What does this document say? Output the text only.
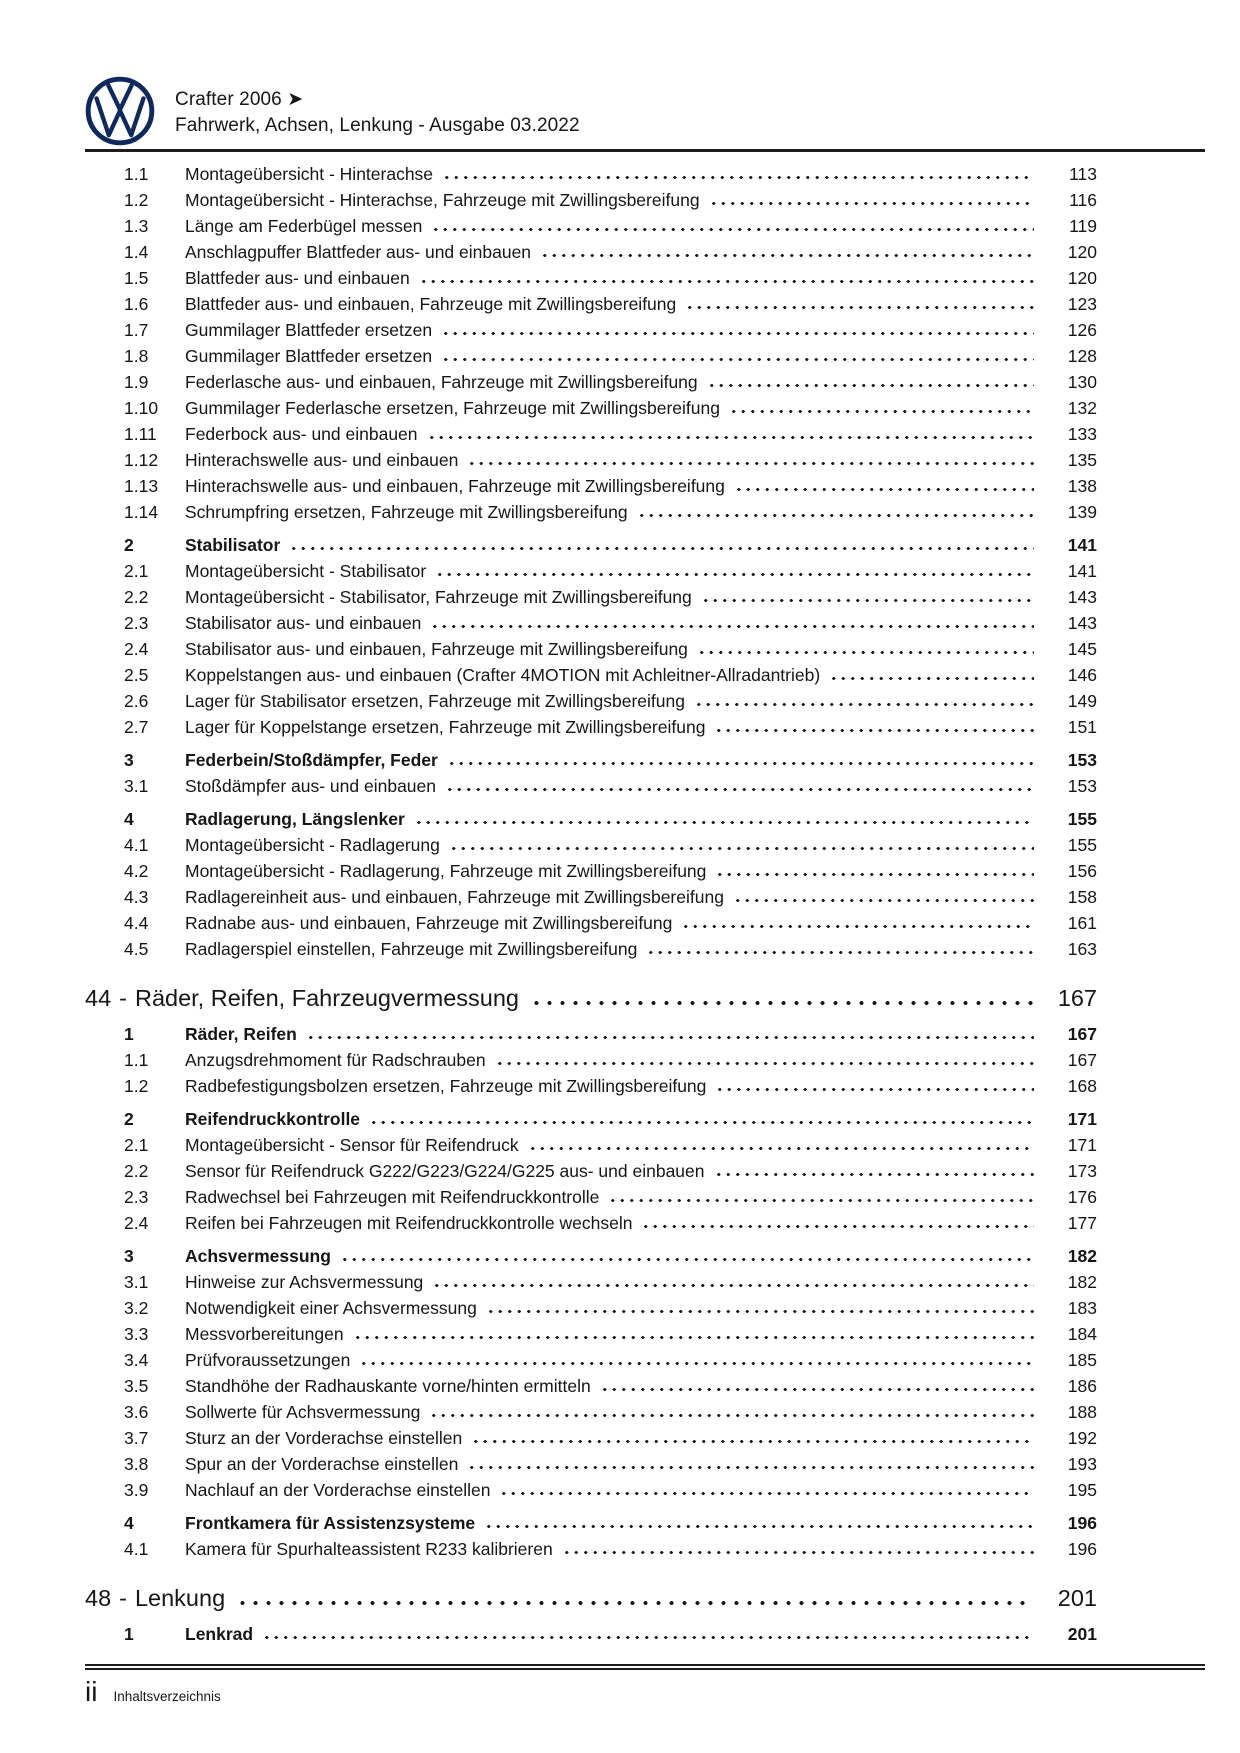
Crafter 2006 ➤
Fahrwerk, Achsen, Lenkung - Ausgabe 03.2022
1.1	Montageübersicht - Hinterachse	113
1.2	Montageübersicht - Hinterachse, Fahrzeuge mit Zwillingsbereifung	116
1.3	Länge am Federbügel messen	119
1.4	Anschlagpuffer Blattfeder aus- und einbauen	120
1.5	Blattfeder aus- und einbauen	120
1.6	Blattfeder aus- und einbauen, Fahrzeuge mit Zwillingsbereifung	123
1.7	Gummilager Blattfeder ersetzen	126
1.8	Gummilager Blattfeder ersetzen	128
1.9	Federlasche aus- und einbauen, Fahrzeuge mit Zwillingsbereifung	130
1.10	Gummilager Federlasche ersetzen, Fahrzeuge mit Zwillingsbereifung	132
1.11	Federbock aus- und einbauen	133
1.12	Hinterachswelle aus- und einbauen	135
1.13	Hinterachswelle aus- und einbauen, Fahrzeuge mit Zwillingsbereifung	138
1.14	Schrumpfring ersetzen, Fahrzeuge mit Zwillingsbereifung	139
2	Stabilisator	141
2.1	Montageübersicht - Stabilisator	141
2.2	Montageübersicht - Stabilisator, Fahrzeuge mit Zwillingsbereifung	143
2.3	Stabilisator aus- und einbauen	143
2.4	Stabilisator aus- und einbauen, Fahrzeuge mit Zwillingsbereifung	145
2.5	Koppelstangen aus- und einbauen (Crafter 4MOTION mit Achleitner-Allradantrieb)	146
2.6	Lager für Stabilisator ersetzen, Fahrzeuge mit Zwillingsbereifung	149
2.7	Lager für Koppelstange ersetzen, Fahrzeuge mit Zwillingsbereifung	151
3	Federbein/Stoßdämpfer, Feder	153
3.1	Stoßdämpfer aus- und einbauen	153
4	Radlagerung, Längslenker	155
4.1	Montageübersicht - Radlagerung	155
4.2	Montageübersicht - Radlagerung, Fahrzeuge mit Zwillingsbereifung	156
4.3	Radlagereinheit aus- und einbauen, Fahrzeuge mit Zwillingsbereifung	158
4.4	Radnabe aus- und einbauen, Fahrzeuge mit Zwillingsbereifung	161
4.5	Radlagerspiel einstellen, Fahrzeuge mit Zwillingsbereifung	163
44 - Räder, Reifen, Fahrzeugvermessung	167
1	Räder, Reifen	167
1.1	Anzugsdrehmoment für Radschrauben	167
1.2	Radbefestigungsbolzen ersetzen, Fahrzeuge mit Zwillingsbereifung	168
2	Reifendruckkontrolle	171
2.1	Montageübersicht - Sensor für Reifendruck	171
2.2	Sensor für Reifendruck G222/G223/G224/G225 aus- und einbauen	173
2.3	Radwechsel bei Fahrzeugen mit Reifendruckkontrolle	176
2.4	Reifen bei Fahrzeugen mit Reifendruckkontrolle wechseln	177
3	Achsvermessung	182
3.1	Hinweise zur Achsvermessung	182
3.2	Notwendigkeit einer Achsvermessung	183
3.3	Messvorbereitungen	184
3.4	Prüfvoraussetzungen	185
3.5	Standhöhe der Radhauskante vorne/hinten ermitteln	186
3.6	Sollwerte für Achsvermessung	188
3.7	Sturz an der Vorderachse einstellen	192
3.8	Spur an der Vorderachse einstellen	193
3.9	Nachlauf an der Vorderachse einstellen	195
4	Frontkamera für Assistenzsysteme	196
4.1	Kamera für Spurhalteassistent R233 kalibrieren	196
48 - Lenkung	201
1	Lenkrad	201
ii Inhaltsverzeichnis
